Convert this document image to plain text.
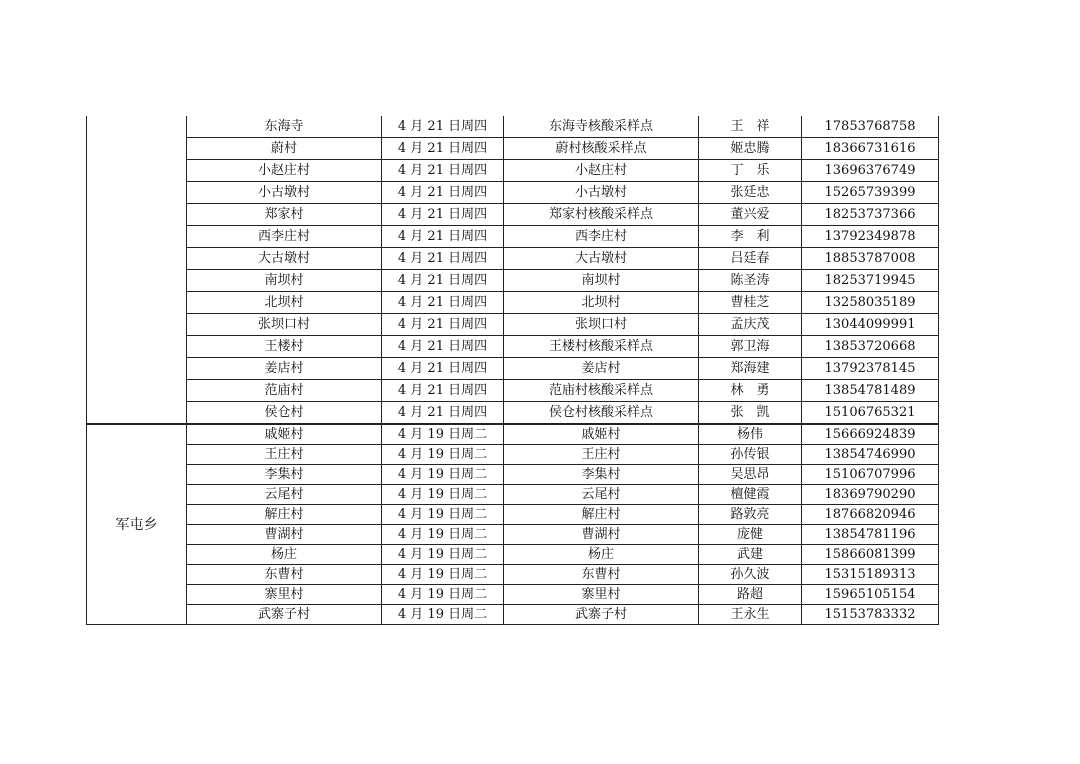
	东海寺	4 月 21 日周四	东海寺核酸采样点	王　祥	17853768758
	蔚村	4 月 21 日周四	蔚村核酸采样点	姬忠腾	18366731616
	小赵庄村	4 月 21 日周四	小赵庄村	丁　乐	13696376749
	小古墩村	4 月 21 日周四	小古墩村	张廷忠	15265739399
	郑家村	4 月 21 日周四	郑家村核酸采样点	董兴爱	18253737366
	西李庄村	4 月 21 日周四	西李庄村	李　利	13792349878
	大古墩村	4 月 21 日周四	大古墩村	吕廷春	18853787008
	南坝村	4 月 21 日周四	南坝村	陈圣涛	18253719945
	北坝村	4 月 21 日周四	北坝村	曹桂芝	13258035189
	张坝口村	4 月 21 日周四	张坝口村	孟庆茂	13044099991
	王楼村	4 月 21 日周四	王楼村核酸采样点	郭卫海	13853720668
	姜店村	4 月 21 日周四	姜店村	郑海建	13792378145
	范庙村	4 月 21 日周四	范庙村核酸采样点	林　勇	13854781489
	侯仓村	4 月 21 日周四	侯仓村核酸采样点	张　凯	15106765321
军屯乡	戚姬村	4 月 19 日周二	戚姬村	杨伟	15666924839
	王庄村	4 月 19 日周二	王庄村	孙传银	13854746990
	李集村	4 月 19 日周二	李集村	吴思昂	15106707996
	云尾村	4 月 19 日周二	云尾村	檀健霞	18369790290
	解庄村	4 月 19 日周二	解庄村	路敦亮	18766820946
	曹湖村	4 月 19 日周二	曹湖村	庞健	13854781196
	杨庄	4 月 19 日周二	杨庄	武建	15866081399
	东曹村	4 月 19 日周二	东曹村	孙久波	15315189313
	寨里村	4 月 19 日周二	寨里村	路超	15965105154
	武寨子村	4 月 19 日周二	武寨子村	王永生	15153783332
